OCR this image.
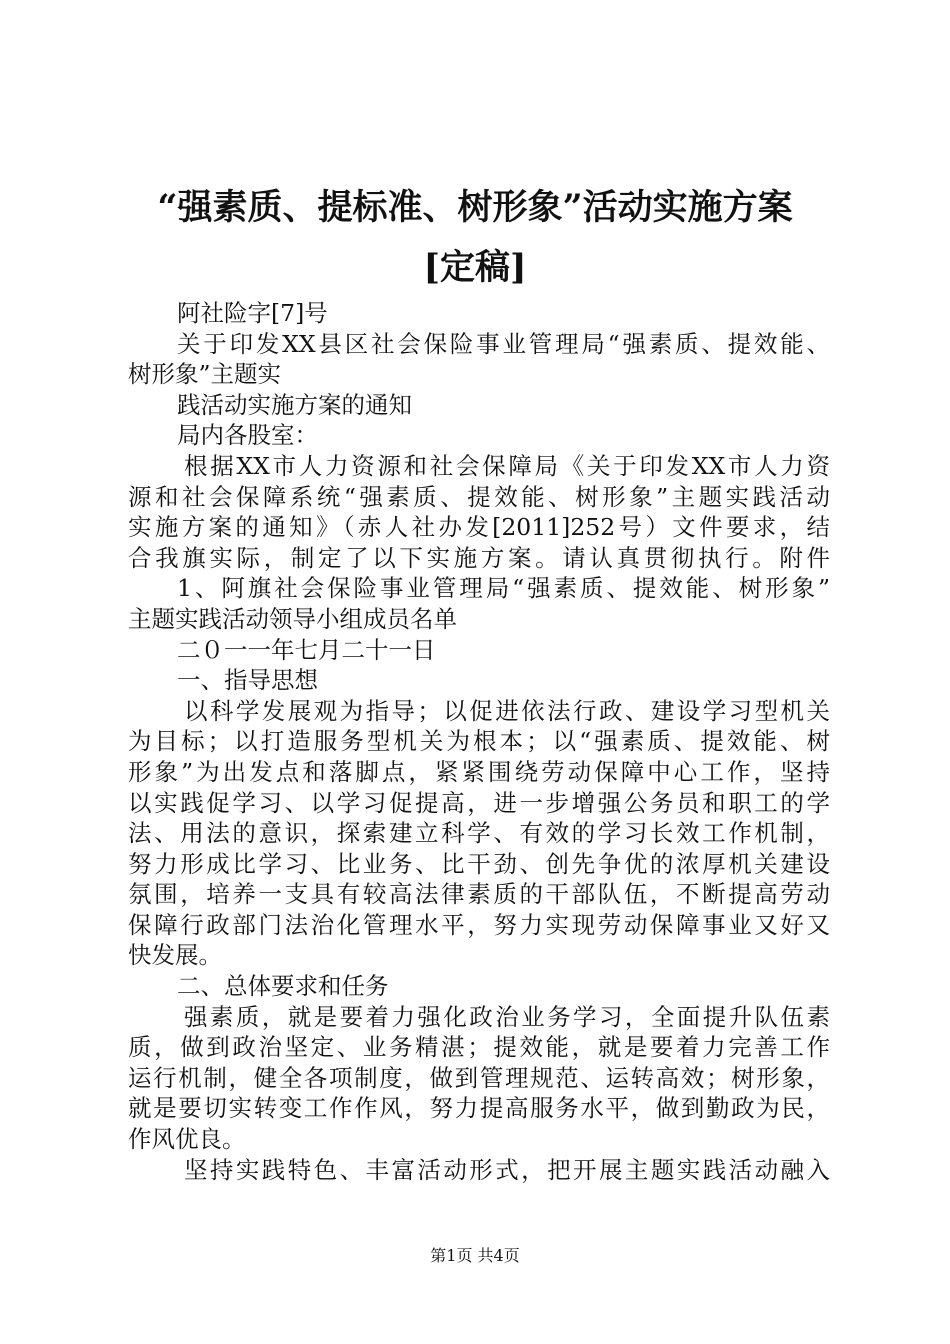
“强素质、提标准、树形象”活动实施方案
[定稿]
阿社险字[7]号
关于印发XX县区社会保险事业管理局“强素质、提效能、
树形象”主题实
践活动实施方案的通知
局内各股室：
根据XX市人力资源和社会保障局《关于印发XX市人力资
源和社会保障系统“强素质、提效能、树形象”主题实践活动
实施方案的通知》（赤人社办发[2011]252号）文件要求，结
合我旗实际，制定了以下实施方案。请认真贯彻执行。附件
1、阿旗社会保险事业管理局“强素质、提效能、树形象”
主题实践活动领导小组成员名单
二０一一年七月二十一日
一、指导思想
以科学发展观为指导；以促进依法行政、建设学习型机关
为目标；以打造服务型机关为根本；以“强素质、提效能、树
形象”为出发点和落脚点，紧紧围绕劳动保障中心工作，坚持
以实践促学习、以学习促提高，进一步增强公务员和职工的学
法、用法的意识，探索建立科学、有效的学习长效工作机制，
努力形成比学习、比业务、比干劲、创先争优的浓厚机关建设
氛围，培养一支具有较高法律素质的干部队伍，不断提高劳动
保障行政部门法治化管理水平，努力实现劳动保障事业又好又
快发展。
二、总体要求和任务
强素质，就是要着力强化政治业务学习，全面提升队伍素
质，做到政治坚定、业务精湛；提效能，就是要着力完善工作
运行机制，健全各项制度，做到管理规范、运转高效；树形象，
就是要切实转变工作作风，努力提高服务水平，做到勤政为民，
作风优良。
坚持实践特色、丰富活动形式，把开展主题实践活动融入
第1页 共4页
